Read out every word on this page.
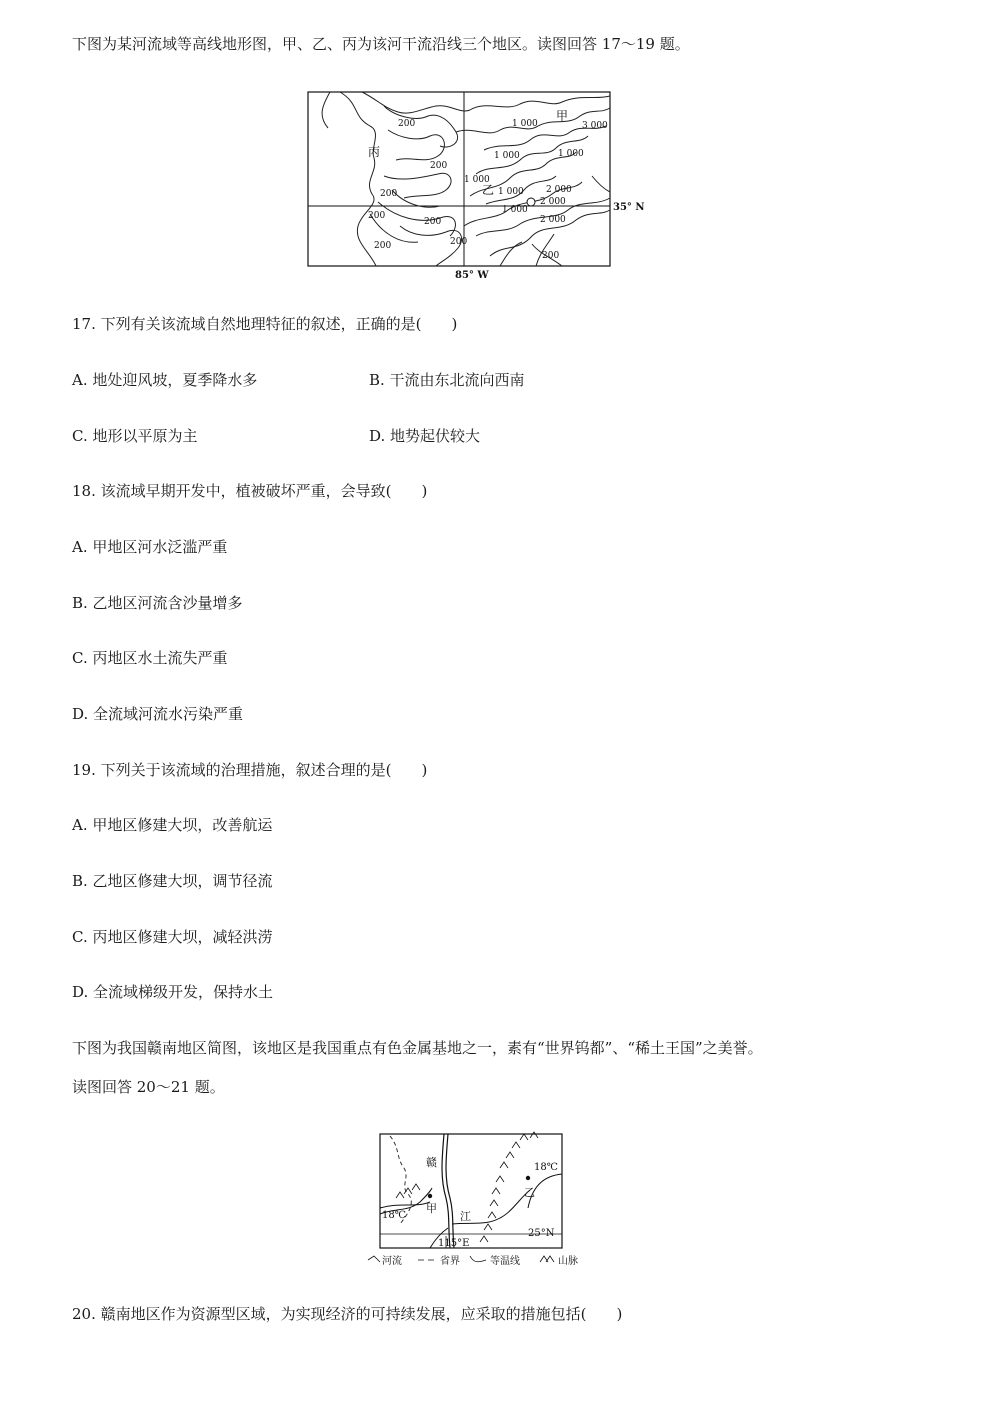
下图为某河流域等高线地形图，甲、乙、丙为该河干流沿线三个地区。读图回答 17～19 题。
200
200
200
200
200
200	200
200
1 000
1 000	1 000
1 000
1 000
1 000
2 000
2 000
3 000
2 000
甲
乙
丙
35° N
85° W
17. 下列有关该流域自然地理特征的叙述，正确的是(　　)
A. 地处迎风坡，夏季降水多	B. 干流由东北流向西南
C. 地形以平原为主	D. 地势起伏较大
18. 该流域早期开发中，植被破坏严重，会导致(　　)
A. 甲地区河水泛滥严重
B. 乙地区河流含沙量增多
C. 丙地区水土流失严重
D. 全流域河流水污染严重
19. 下列关于该流域的治理措施，叙述合理的是(　　)
A. 甲地区修建大坝，改善航运
B. 乙地区修建大坝，调节径流
C. 丙地区修建大坝，减轻洪涝
D. 全流域梯级开发，保持水土
下图为我国赣南地区简图，该地区是我国重点有色金属基地之一，素有“世界钨都”、“稀土王国”之美誉。
读图回答 20～21 题。
赣
江
甲
乙
18℃
18℃
25°N
115°E
河流	省界	等温线	山脉
20. 赣南地区作为资源型区域，为实现经济的可持续发展，应采取的措施包括(　　)
